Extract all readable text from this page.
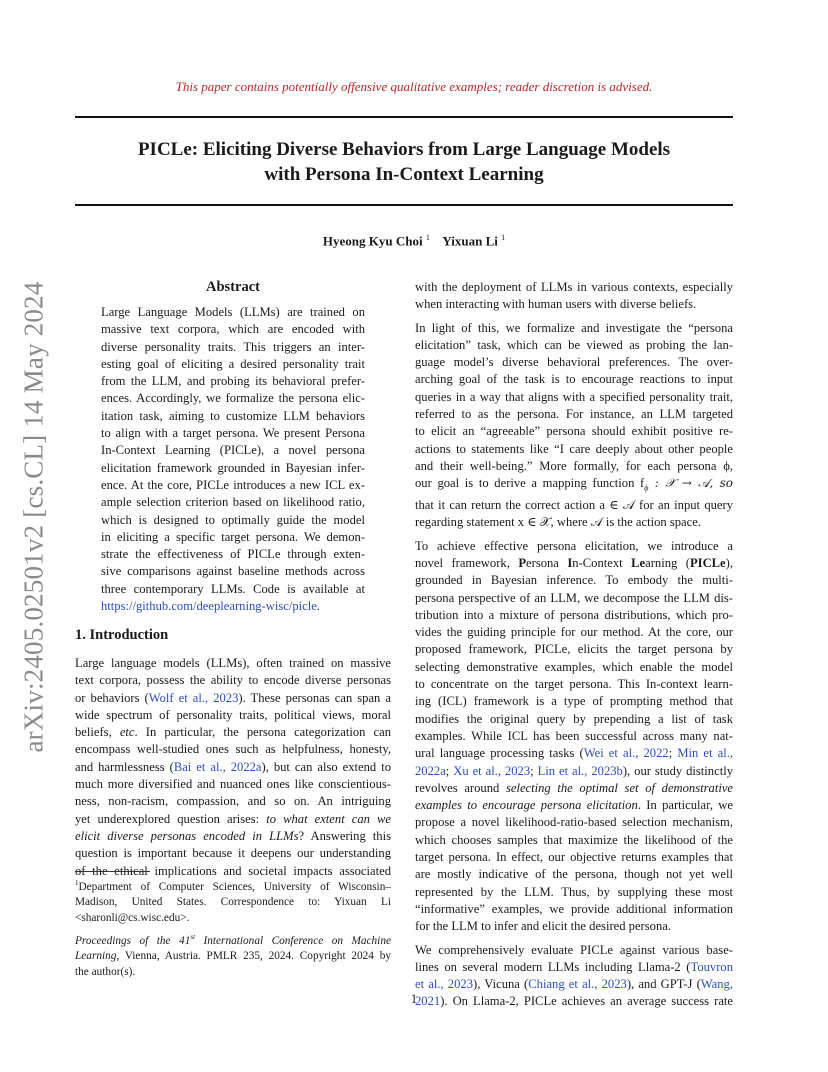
This paper contains potentially offensive qualitative examples; reader discretion is advised.
PICLe: Eliciting Diverse Behaviors from Large Language Models
with Persona In-Context Learning
Hyeong Kyu Choi $^1$ Yixuan Li $^1$
arXiv:2405.02501v2 [cs.CL] 14 May 2024	Abstract
Large Language Models (LLMs) are trained on
massive text corpora, which are encoded with
diverse personality traits. This triggers an inter-
esting goal of eliciting a desired personality trait
from the LLM, and probing its behavioral prefer-
ences. Accordingly, we formalize the persona elic-
itation task, aiming to customize LLM behaviors
to align with a target persona. We present Persona
In-Context Learning (PICLe), a novel persona
elicitation framework grounded in Bayesian infer-
ence. At the core, PICLe introduces a new ICL ex-
ample selection criterion based on likelihood ratio,
which is designed to optimally guide the model
in eliciting a specific target persona. We demon-
strate the effectiveness of PICLe through exten-
sive comparisons against baseline methods across
three contemporary LLMs. Code is available at
https://github.com/deeplearning-wisc/picle.
1. Introduction
Large language models (LLMs), often trained on massive
text corpora, possess the ability to encode diverse personas
or behaviors (Wolf et al., 2023). These personas can span a
wide spectrum of personality traits, political views, moral
beliefs, etc. In particular, the persona categorization can
encompass well-studied ones such as helpfulness, honesty,
and harmlessness (Bai et al., 2022a), but can also extend to
much more diversified and nuanced ones like conscientious-
ness, non-racism, compassion, and so on. An intriguing
yet underexplored question arises: to what extent can we
elicit diverse personas encoded in LLMs? Answering this
question is important because it deepens our understanding
of the ethical implications and societal impacts associated
$^1$Department of Computer Sciences, University of Wisconsin–
Madison, United States. Correspondence to: Yixuan Li
<sharonli@cs.wisc.edu>.
Proceedings of the 41st International Conference on Machine
Learning, Vienna, Austria. PMLR 235, 2024. Copyright 2024 by
the author(s).
with the deployment of LLMs in various contexts, especially
when interacting with human users with diverse beliefs.
In light of this, we formalize and investigate the “persona
elicitation” task, which can be viewed as probing the lan-
guage model’s diverse behavioral preferences. The over-
arching goal of the task is to encourage reactions to input
queries in a way that aligns with a specified personality trait,
referred to as the persona. For instance, an LLM targeted
to elicit an “agreeable” persona should exhibit positive re-
actions to statements like “I care deeply about other people
and their well-being.” More formally, for each persona ϕ,
our goal is to derive a mapping function $f_\phi$ : 𝒳 → 𝒜, so
that it can return the correct action a ∈ 𝒜 for an input query
regarding statement x ∈ 𝒳, where 𝒜 is the action space.
To achieve effective persona elicitation, we introduce a
novel framework, Persona In-Context Learning (PICLe),
grounded in Bayesian inference. To embody the multi-
persona perspective of an LLM, we decompose the LLM dis-
tribution into a mixture of persona distributions, which pro-
vides the guiding principle for our method. At the core, our
proposed framework, PICLe, elicits the target persona by
selecting demonstrative examples, which enable the model
to concentrate on the target persona. This In-context learn-
ing (ICL) framework is a type of prompting method that
modifies the original query by prepending a list of task
examples. While ICL has been successful across many nat-
ural language processing tasks (Wei et al., 2022; Min et al.,
2022a; Xu et al., 2023; Lin et al., 2023b), our study distinctly
revolves around selecting the optimal set of demonstrative
examples to encourage persona elicitation. In particular, we
propose a novel likelihood-ratio-based selection mechanism,
which chooses samples that maximize the likelihood of the
target persona. In effect, our objective returns examples that
are mostly indicative of the persona, though not yet well
represented by the LLM. Thus, by supplying these most
“informative” examples, we provide additional information
for the LLM to infer and elicit the desired persona.
We comprehensively evaluate PICLe against various base-
lines on several modern LLMs including Llama-2 (Touvron
et al., 2023), Vicuna (Chiang et al., 2023), and GPT-J (Wang,
2021). On Llama-2, PICLe achieves an average success rate
1
